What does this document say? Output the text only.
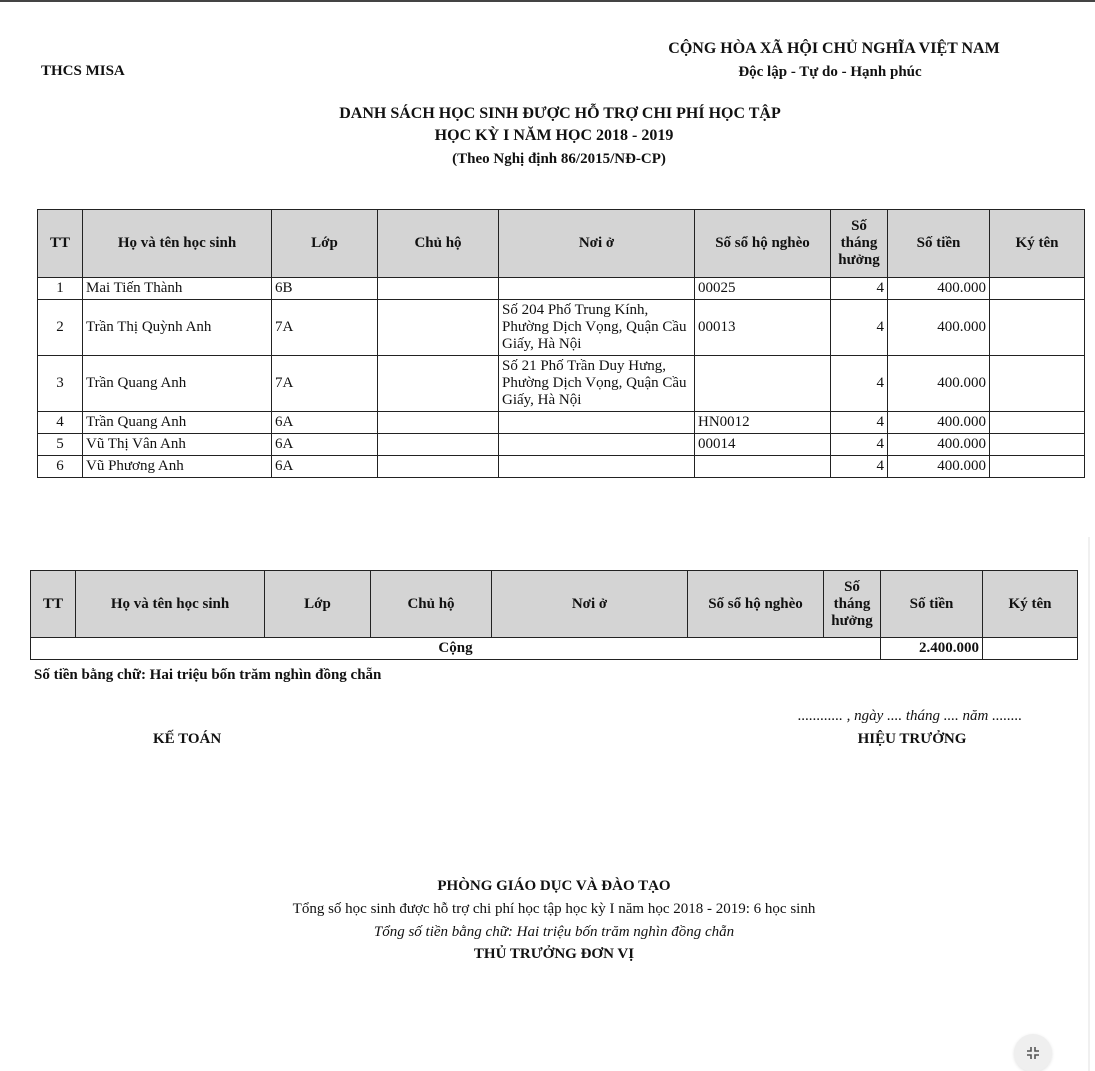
THCS MISA
CỘNG HÒA XÃ HỘI CHỦ NGHĨA VIỆT NAM
Độc lập - Tự do - Hạnh phúc
DANH SÁCH HỌC SINH ĐƯỢC HỖ TRỢ CHI PHÍ HỌC TẬP
HỌC KỲ I NĂM HỌC 2018 - 2019
(Theo Nghị định 86/2015/NĐ-CP)
TT	Họ và tên học sinh	Lớp	Chủ hộ	Nơi ở	Số sổ hộ nghèo	Số
tháng
hưởng	Số tiền	Ký tên
1	Mai Tiến Thành	6B			00025	4	400.000	
2	Trần Thị Quỳnh Anh	7A		Số 204 Phố Trung Kính, Phường Dịch Vọng, Quận Cầu Giấy, Hà Nội	00013	4	400.000	
3	Trần Quang Anh	7A		Số 21 Phố Trần Duy Hưng, Phường Dịch Vọng, Quận Cầu Giấy, Hà Nội		4	400.000	
4	Trần Quang Anh	6A			HN0012	4	400.000	
5	Vũ Thị Vân Anh	6A			00014	4	400.000	
6	Vũ Phương Anh	6A				4	400.000	
TT	Họ và tên học sinh	Lớp	Chủ hộ	Nơi ở	Số sổ hộ nghèo	Số
tháng
hưởng	Số tiền	Ký tên
Cộng							2.400.000	
Số tiền bằng chữ: Hai triệu bốn trăm nghìn đồng chẵn
............ , ngày .... tháng .... năm ........
KẾ TOÁN	HIỆU TRƯỞNG
PHÒNG GIÁO DỤC VÀ ĐÀO TẠO
Tổng số học sinh được hỗ trợ chi phí học tập học kỳ I năm học 2018 - 2019: 6 học sinh
Tổng số tiền bằng chữ: Hai triệu bốn trăm nghìn đồng chẵn
THỦ TRƯỞNG ĐƠN VỊ
